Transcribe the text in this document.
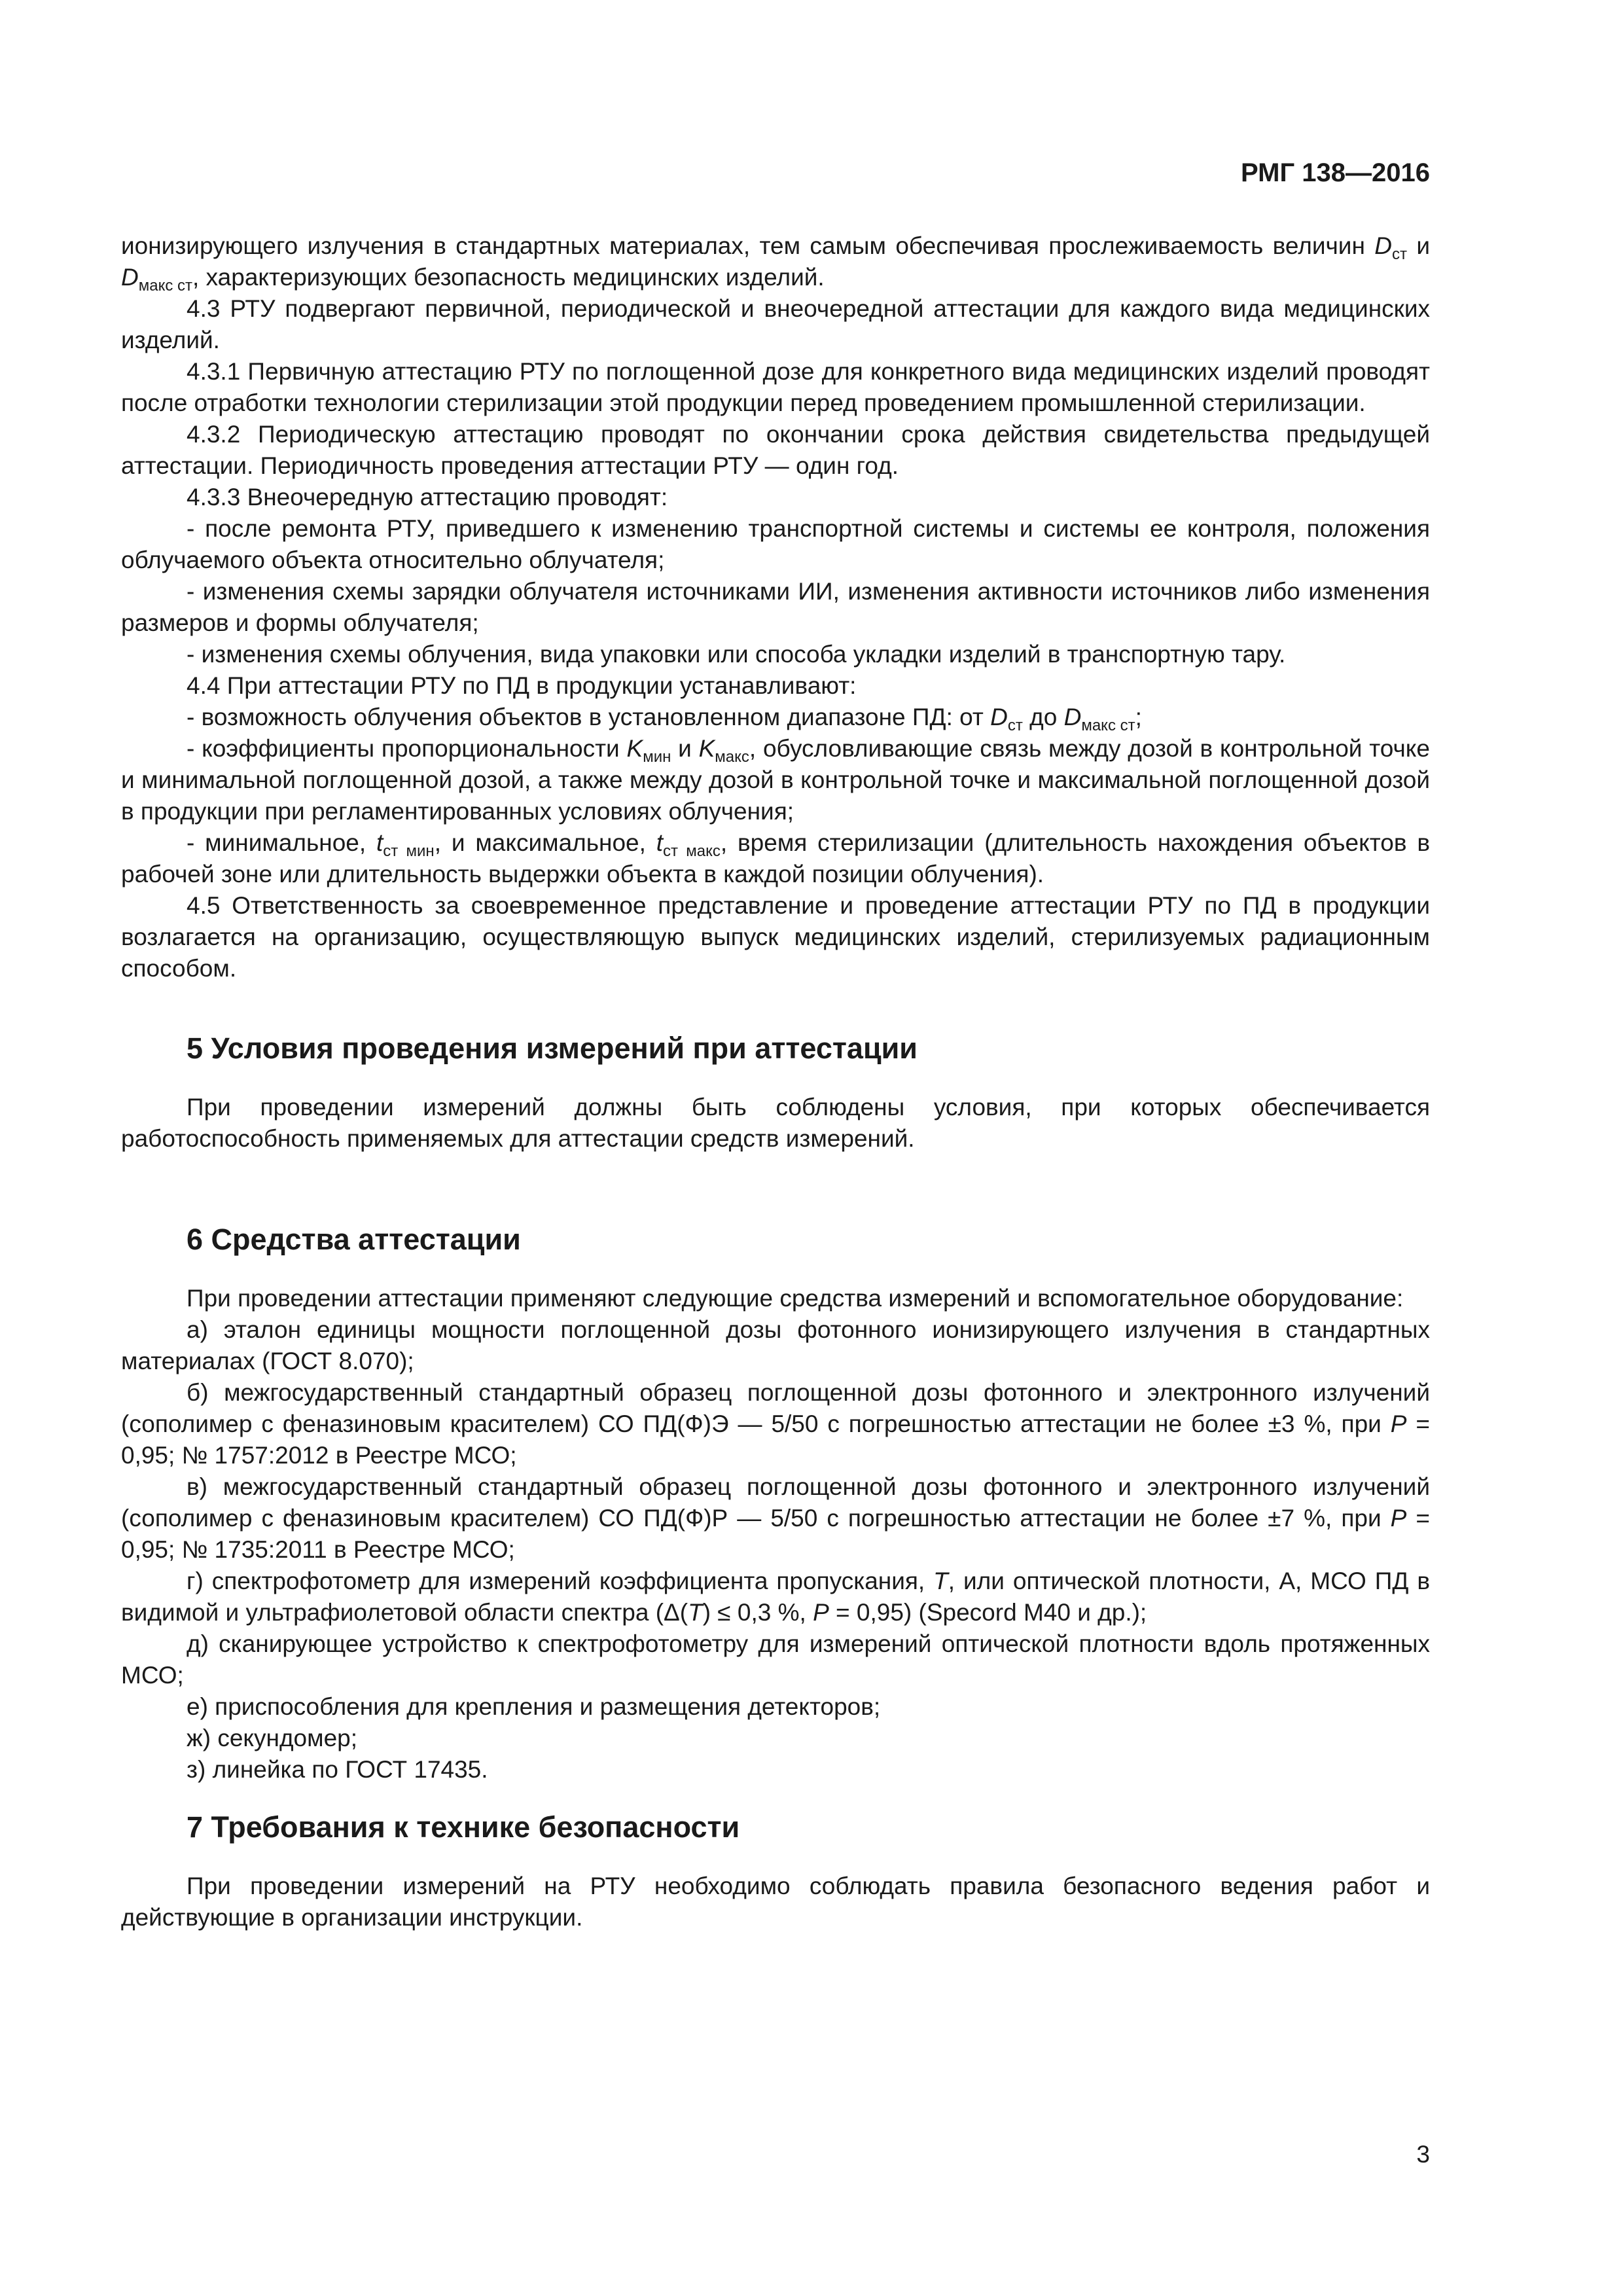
РМГ 138—2016

ионизирующего излучения в стандартных материалах, тем самым обеспечивая прослеживаемость величин $D_{ст}$ и $D_{макс ст}$, характеризующих безопасность медицинских изделий.

4.3 РТУ подвергают первичной, периодической и внеочередной аттестации для каждого вида медицинских изделий.

4.3.1 Первичную аттестацию РТУ по поглощенной дозе для конкретного вида медицинских изделий проводят после отработки технологии стерилизации этой продукции перед проведением промышленной стерилизации.

4.3.2 Периодическую аттестацию проводят по окончании срока действия свидетельства предыдущей аттестации. Периодичность проведения аттестации РТУ — один год.

4.3.3 Внеочередную аттестацию проводят:

- после ремонта РТУ, приведшего к изменению транспортной системы и системы ее контроля, положения облучаемого объекта относительно облучателя;

- изменения схемы зарядки облучателя источниками ИИ, изменения активности источников либо изменения размеров и формы облучателя;

- изменения схемы облучения, вида упаковки или способа укладки изделий в транспортную тару.

4.4 При аттестации РТУ по ПД в продукции устанавливают:

- возможность облучения объектов в установленном диапазоне ПД: от $D_{ст}$ до $D_{макс ст}$;

- коэффициенты пропорциональности $K_{мин}$ и $K_{макс}$, обусловливающие связь между дозой в контрольной точке и минимальной поглощенной дозой, а также между дозой в контрольной точке и максимальной поглощенной дозой в продукции при регламентированных условиях облучения;

- минимальное, $t_{ст мин}$, и максимальное, $t_{ст макс}$, время стерилизации (длительность нахождения объектов в рабочей зоне или длительность выдержки объекта в каждой позиции облучения).

4.5 Ответственность за своевременное представление и проведение аттестации РТУ по ПД в продукции возлагается на организацию, осуществляющую выпуск медицинских изделий, стерилизуемых радиационным способом.

5 Условия проведения измерений при аттестации

При проведении измерений должны быть соблюдены условия, при которых обеспечивается работоспособность применяемых для аттестации средств измерений.

6 Средства аттестации

При проведении аттестации применяют следующие средства измерений и вспомогательное оборудование:

а) эталон единицы мощности поглощенной дозы фотонного ионизирующего излучения в стандартных материалах (ГОСТ 8.070);

б) межгосударственный стандартный образец поглощенной дозы фотонного и электронного излучений (сополимер с феназиновым красителем) СО ПД(Ф)Э — 5/50 с погрешностью аттестации не более ±3 %, при P = 0,95; № 1757:2012 в Реестре МСО;

в) межгосударственный стандартный образец поглощенной дозы фотонного и электронного излучений (сополимер с феназиновым красителем) СО ПД(Ф)Р — 5/50 с погрешностью аттестации не более ±7 %, при P = 0,95; № 1735:2011 в Реестре МСО;

г) спектрофотометр для измерений коэффициента пропускания, T, или оптической плотности, А, МСО ПД в видимой и ультрафиолетовой области спектра (Δ(T) ≤ 0,3 %, P = 0,95) (Specord M40 и др.);

д) сканирующее устройство к спектрофотометру для измерений оптической плотности вдоль протяженных МСО;

е) приспособления для крепления и размещения детекторов;

ж) секундомер;

з) линейка по ГОСТ 17435.

7 Требования к технике безопасности

При проведении измерений на РТУ необходимо соблюдать правила безопасного ведения работ и действующие в организации инструкции.

3
